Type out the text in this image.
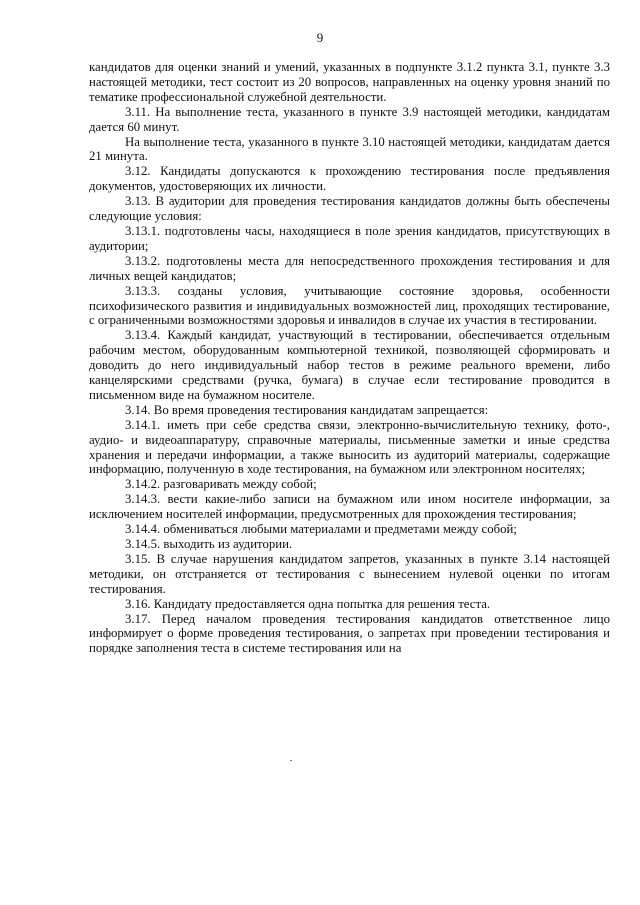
9

кандидатов для оценки знаний и умений, указанных в подпункте 3.1.2 пункта 3.1, пункте 3.3 настоящей методики, тест состоит из 20 вопросов, направленных на оценку уровня знаний по тематике профессиональной служебной деятельности.

3.11. На выполнение теста, указанного в пункте 3.9 настоящей методики, кандидатам дается 60 минут.

На выполнение теста, указанного в пункте 3.10 настоящей методики, кандидатам дается 21 минута.

3.12. Кандидаты допускаются к прохождению тестирования после предъявления документов, удостоверяющих их личности.

3.13. В аудитории для проведения тестирования кандидатов должны быть обеспечены следующие условия:

3.13.1. подготовлены часы, находящиеся в поле зрения кандидатов, присутствующих в аудитории;

3.13.2. подготовлены места для непосредственного прохождения тестирования и для личных вещей кандидатов;

3.13.3. созданы условия, учитывающие состояние здоровья, особенности психофизического развития и индивидуальных возможностей лиц, проходящих тестирование, с ограниченными возможностями здоровья и инвалидов в случае их участия в тестировании.

3.13.4. Каждый кандидат, участвующий в тестировании, обеспечивается отдельным рабочим местом, оборудованным компьютерной техникой, позволяющей сформировать и доводить до него индивидуальный набор тестов в режиме реального времени, либо канцелярскими средствами (ручка, бумага) в случае если тестирование проводится в письменном виде на бумажном носителе.

3.14. Во время проведения тестирования кандидатам запрещается:

3.14.1. иметь при себе средства связи, электронно-вычислительную технику, фото-, аудио- и видеоаппаратуру, справочные материалы, письменные заметки и иные средства хранения и передачи информации, а также выносить из аудиторий материалы, содержащие информацию, полученную в ходе тестирования, на бумажном или электронном носителях;

3.14.2. разговаривать между собой;

3.14.3. вести какие-либо записи на бумажном или ином носителе информации, за исключением носителей информации, предусмотренных для прохождения тестирования;

3.14.4. обмениваться любыми материалами и предметами между собой;

3.14.5. выходить из аудитории.

3.15. В случае нарушения кандидатом запретов, указанных в пункте 3.14 настоящей методики, он отстраняется от тестирования с вынесением нулевой оценки по итогам тестирования.

3.16. Кандидату предоставляется одна попытка для решения теста.

3.17. Перед началом проведения тестирования кандидатов ответственное лицо информирует о форме проведения тестирования, о запретах при проведении тестирования и порядке заполнения теста в системе тестирования или на
